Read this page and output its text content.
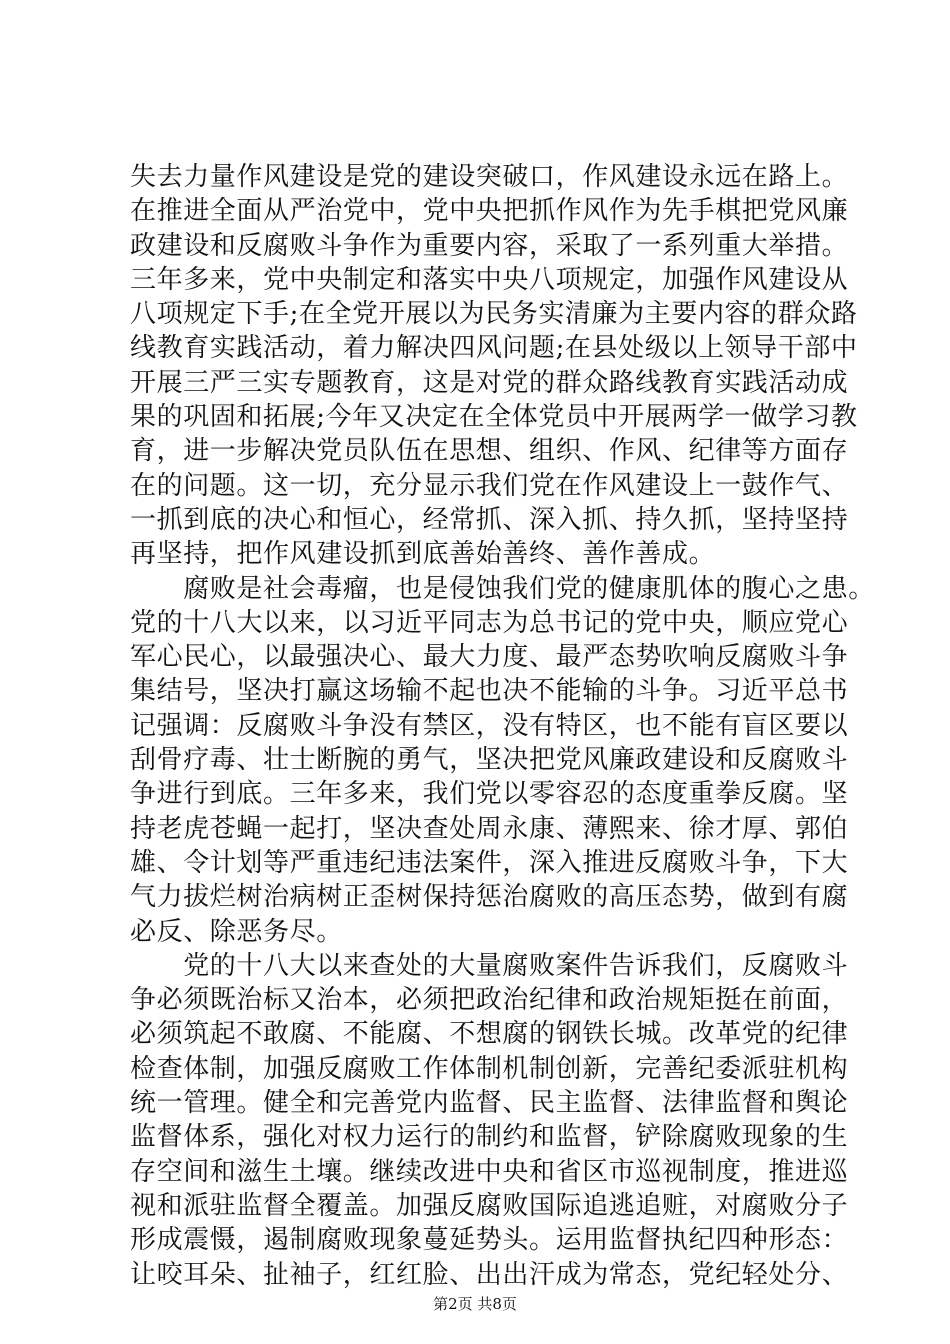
失去力量作风建设是党的建设突破口，作风建设永远在路上。
在推进全面从严治党中，党中央把抓作风作为先手棋把党风廉
政建设和反腐败斗争作为重要内容，采取了一系列重大举措。
三年多来，党中央制定和落实中央八项规定，加强作风建设从
八项规定下手;在全党开展以为民务实清廉为主要内容的群众路
线教育实践活动，着力解决四风问题;在县处级以上领导干部中
开展三严三实专题教育，这是对党的群众路线教育实践活动成
果的巩固和拓展;今年又决定在全体党员中开展两学一做学习教
育，进一步解决党员队伍在思想、组织、作风、纪律等方面存
在的问题。这一切，充分显示我们党在作风建设上一鼓作气、
一抓到底的决心和恒心，经常抓、深入抓、持久抓，坚持坚持
再坚持，把作风建设抓到底善始善终、善作善成。
　　腐败是社会毒瘤，也是侵蚀我们党的健康肌体的腹心之患。
党的十八大以来，以习近平同志为总书记的党中央，顺应党心
军心民心，以最强决心、最大力度、最严态势吹响反腐败斗争
集结号，坚决打赢这场输不起也决不能输的斗争。习近平总书
记强调：反腐败斗争没有禁区，没有特区，也不能有盲区要以
刮骨疗毒、壮士断腕的勇气，坚决把党风廉政建设和反腐败斗
争进行到底。三年多来，我们党以零容忍的态度重拳反腐。坚
持老虎苍蝇一起打，坚决查处周永康、薄熙来、徐才厚、郭伯
雄、令计划等严重违纪违法案件，深入推进反腐败斗争，下大
气力拔烂树治病树正歪树保持惩治腐败的高压态势，做到有腐
必反、除恶务尽。
　　党的十八大以来查处的大量腐败案件告诉我们，反腐败斗
争必须既治标又治本，必须把政治纪律和政治规矩挺在前面，
必须筑起不敢腐、不能腐、不想腐的钢铁长城。改革党的纪律
检查体制，加强反腐败工作体制机制创新，完善纪委派驻机构
统一管理。健全和完善党内监督、民主监督、法律监督和舆论
监督体系，强化对权力运行的制约和监督，铲除腐败现象的生
存空间和滋生土壤。继续改进中央和省区市巡视制度，推进巡
视和派驻监督全覆盖。加强反腐败国际追逃追赃，对腐败分子
形成震慑，遏制腐败现象蔓延势头。运用监督执纪四种形态：
让咬耳朵、扯袖子，红红脸、出出汗成为常态，党纪轻处分、
第2页 共8页
